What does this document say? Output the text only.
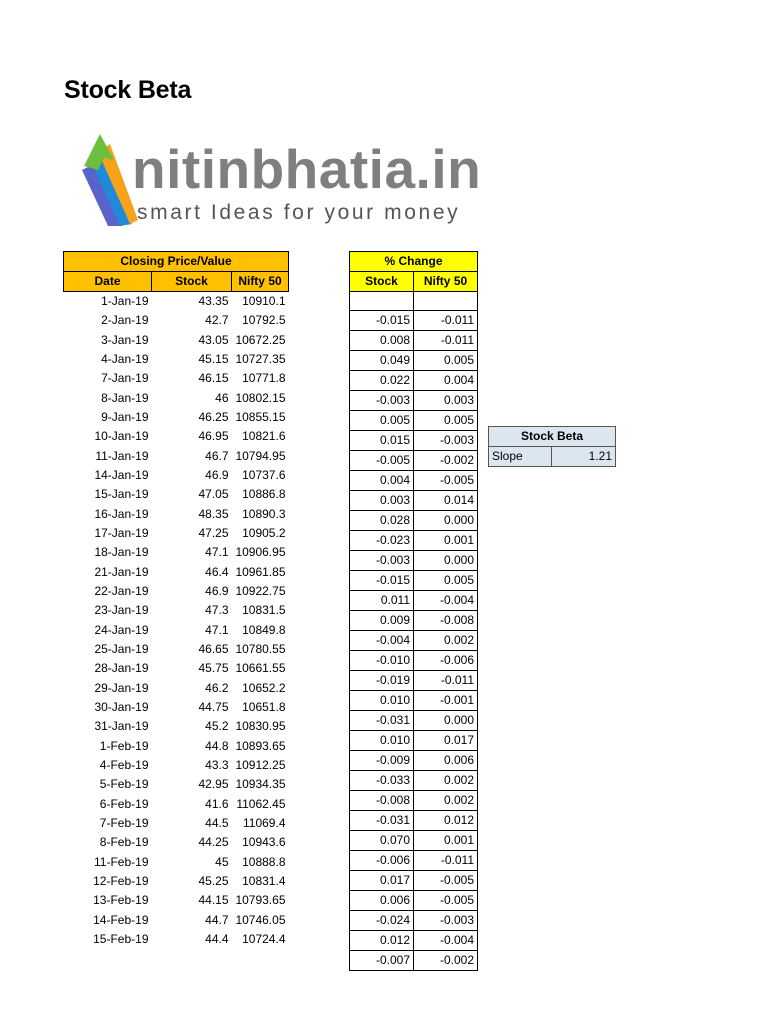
Stock Beta
nitinbhatia.in
smart Ideas for your money
Closing Price/Value		
Date	Stock	Nifty 50
1-Jan-19	43.35	10910.1
2-Jan-19	42.7	10792.5
3-Jan-19	43.05	10672.25
4-Jan-19	45.15	10727.35
7-Jan-19	46.15	10771.8
8-Jan-19	46	10802.15
9-Jan-19	46.25	10855.15
10-Jan-19	46.95	10821.6
11-Jan-19	46.7	10794.95
14-Jan-19	46.9	10737.6
15-Jan-19	47.05	10886.8
16-Jan-19	48.35	10890.3
17-Jan-19	47.25	10905.2
18-Jan-19	47.1	10906.95
21-Jan-19	46.4	10961.85
22-Jan-19	46.9	10922.75
23-Jan-19	47.3	10831.5
24-Jan-19	47.1	10849.8
25-Jan-19	46.65	10780.55
28-Jan-19	45.75	10661.55
29-Jan-19	46.2	10652.2
30-Jan-19	44.75	10651.8
31-Jan-19	45.2	10830.95
1-Feb-19	44.8	10893.65
4-Feb-19	43.3	10912.25
5-Feb-19	42.95	10934.35
6-Feb-19	41.6	11062.45
7-Feb-19	44.5	11069.4
8-Feb-19	44.25	10943.6
11-Feb-19	45	10888.8
12-Feb-19	45.25	10831.4
13-Feb-19	44.15	10793.65
14-Feb-19	44.7	10746.05
15-Feb-19	44.4	10724.4
% Change	
Stock	Nifty 50

-0.015	-0.011
0.008	-0.011
0.049	0.005
0.022	0.004
-0.003	0.003
0.005	0.005
0.015	-0.003
-0.005	-0.002
0.004	-0.005
0.003	0.014
0.028	0.000
-0.023	0.001
-0.003	0.000
-0.015	0.005
0.011	-0.004
0.009	-0.008
-0.004	0.002
-0.010	-0.006
-0.019	-0.011
0.010	-0.001
-0.031	0.000
0.010	0.017
-0.009	0.006
-0.033	0.002
-0.008	0.002
-0.031	0.012
0.070	0.001
-0.006	-0.011
0.017	-0.005
0.006	-0.005
-0.024	-0.003
0.012	-0.004
-0.007	-0.002
Stock Beta
Slope	1.21
